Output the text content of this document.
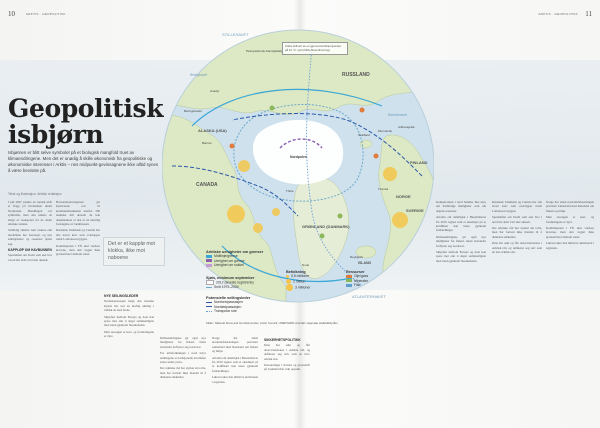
10	11
ARKTIS · GEOPOLITIKK	ARKTIS · GEOPOLITIKK
Geopolitisk
isbjørn
Isbjørnen er blitt selve symbolet på et biologisk mangfold truet av klimaendringene. Men det er unødig å skille økonomisk fra geopolitiske og økonomiske interesser i Arktis – nes midpunkt-gevinsagnene ikke alltid synes å være bevisste på.
Tekst og illustrasjon: Arktisk redaksjon
RUSSLAND
ALASKA (USA)
CANADA
GRØNLAND (DANMARK)
ISLAND
NORGE
SVERIGE
FINLAND
Petropavlovsk-Kamtsjatskij
Anadyr
Murmansk
Arkhangelsk
Nuuk
Thule
Reykjavik
Tromsø
Barrow
Nordpolen
Beringstredet
Svalbard
STILLEHAVET
ATLANTERHAVET
Beringhavet
Barentshavet
Arktis definert av en gjennomsnittstemperatur på 10 °C i juli (ICES-Abeuntforming)
Arktiske uenigheter om grenser
Midtlinje/grense
Uenighet om grense
Uenighet om sokkel
Sjøis, minimum september
2012 (laveste registrerte)
Snitt 1979–2000
Potensielle seilingsleder
Nordvestpassasjen
Nordøstpassasjen
Transpolar rute
Befolkning
0,5 millioner
1 million
3 millioner
Ressurser
Olje/gass
Mineraler
Fisk
Kilder: National Snow and Ice Data Center; Arctic Council; UNEP/GRID-Arendal; nasjonale statistikkbyråer.
Det er et kapplø mot klokka, ikke mot naboene

I juli 2007 plantet en russisk ubåt et flagg på havbunnen under Nordpolen. Handlingen var symbolsk, men den utløste en bølge av reaksjoner fra de andre arktiske statene.

Samtidig smelter isen raskere enn modellene har forutsagt, og nye seilingsleder og ressurser åpner seg.

KAPPLØP OM HAVBUNNEN

Spørsmålet om hvem som eier hva i nord har aldri vært mer aktuelt.

Havrettskonvensjonen gir kyststatene rett til kontinentalsokkelen utenfor 200 nautiske mil dersom de kan dokumentere at den er en naturlig forlengelse av landmassen.

Russland, Danmark og Canada har alle levert krav som overlapper rundt Lomonosovryggen.

Kommisjonen i FN skal vurdere kravene, men den avgjør ikke grensetvister mellom stater.

NYE SEILINGSLEDER

Nordøstpassasjen langs den russiske kysten har sett en kraftig økning i trafikk de siste årene.

Skipsfart mellom Europa og Asia kan spare mer enn ti dager sammenlignet med ruten gjennom Suezkanalen.

Men sesongen er kort, og forsikringene er dyre.	Klimaendringene gir også nye muligheter for fiskeri, mens bestander forflytter seg nordover.

For urbefolkningen i nord betyr endringene at tradisjonelle levemåter settes under press.

Det arktiske råd har styrket sin rolle, men har fortsatt ikke mandat til å diskutere sikkerhet.

Norge har siden nordområdesatsingen prioritert samarbeid med Russland om fiskeri og miljø.

Avtalen om delelinjen i Barentshavet fra 2010 regnes som et eksempel på at konflikter kan løses gjennom forhandlinger.

Likevel øker den militære aktiviteten i regionen.

SIKKERHETSPOLITIKK

Kina har søkt og fått observatørstatus i Arktisk råd, og definerer seg selv som en nær-arktisk stat.

Investeringer i havner og gruvedrift på Grønland har vakt oppsikt.

Konkurransen i nord handler like mye om framtidige muligheter som om dagens ressurser.

Avtalen om delelinjen i Barentshavet fra 2010 regnes som et eksempel på at konflikter kan løses gjennom forhandlinger.

Klimaendringene gir også nye muligheter for fiskeri, mens bestander forflytter seg nordover.

Skipsfart mellom Europa og Asia kan spare mer enn ti dager sammenlignet med ruten gjennom Suezkanalen.

Russland, Danmark og Canada har alle levert krav som overlapper rundt Lomonosovryggen.

Spørsmålet om hvem som eier hva i nord har aldri vært mer aktuelt.

Det arktiske råd har styrket sin rolle, men har fortsatt ikke mandat til å diskutere sikkerhet.

Kina har søkt og fått observatørstatus i Arktisk råd, og definerer seg selv som en nær-arktisk stat.

Norge har siden nordområdesatsingen prioritert samarbeid med Russland om fiskeri og miljø.

Men sesongen er kort, og forsikringene er dyre.

Kommisjonen i FN skal vurdere kravene, men den avgjør ikke grensetvister mellom stater.

Likevel øker den militære aktiviteten i regionen.
